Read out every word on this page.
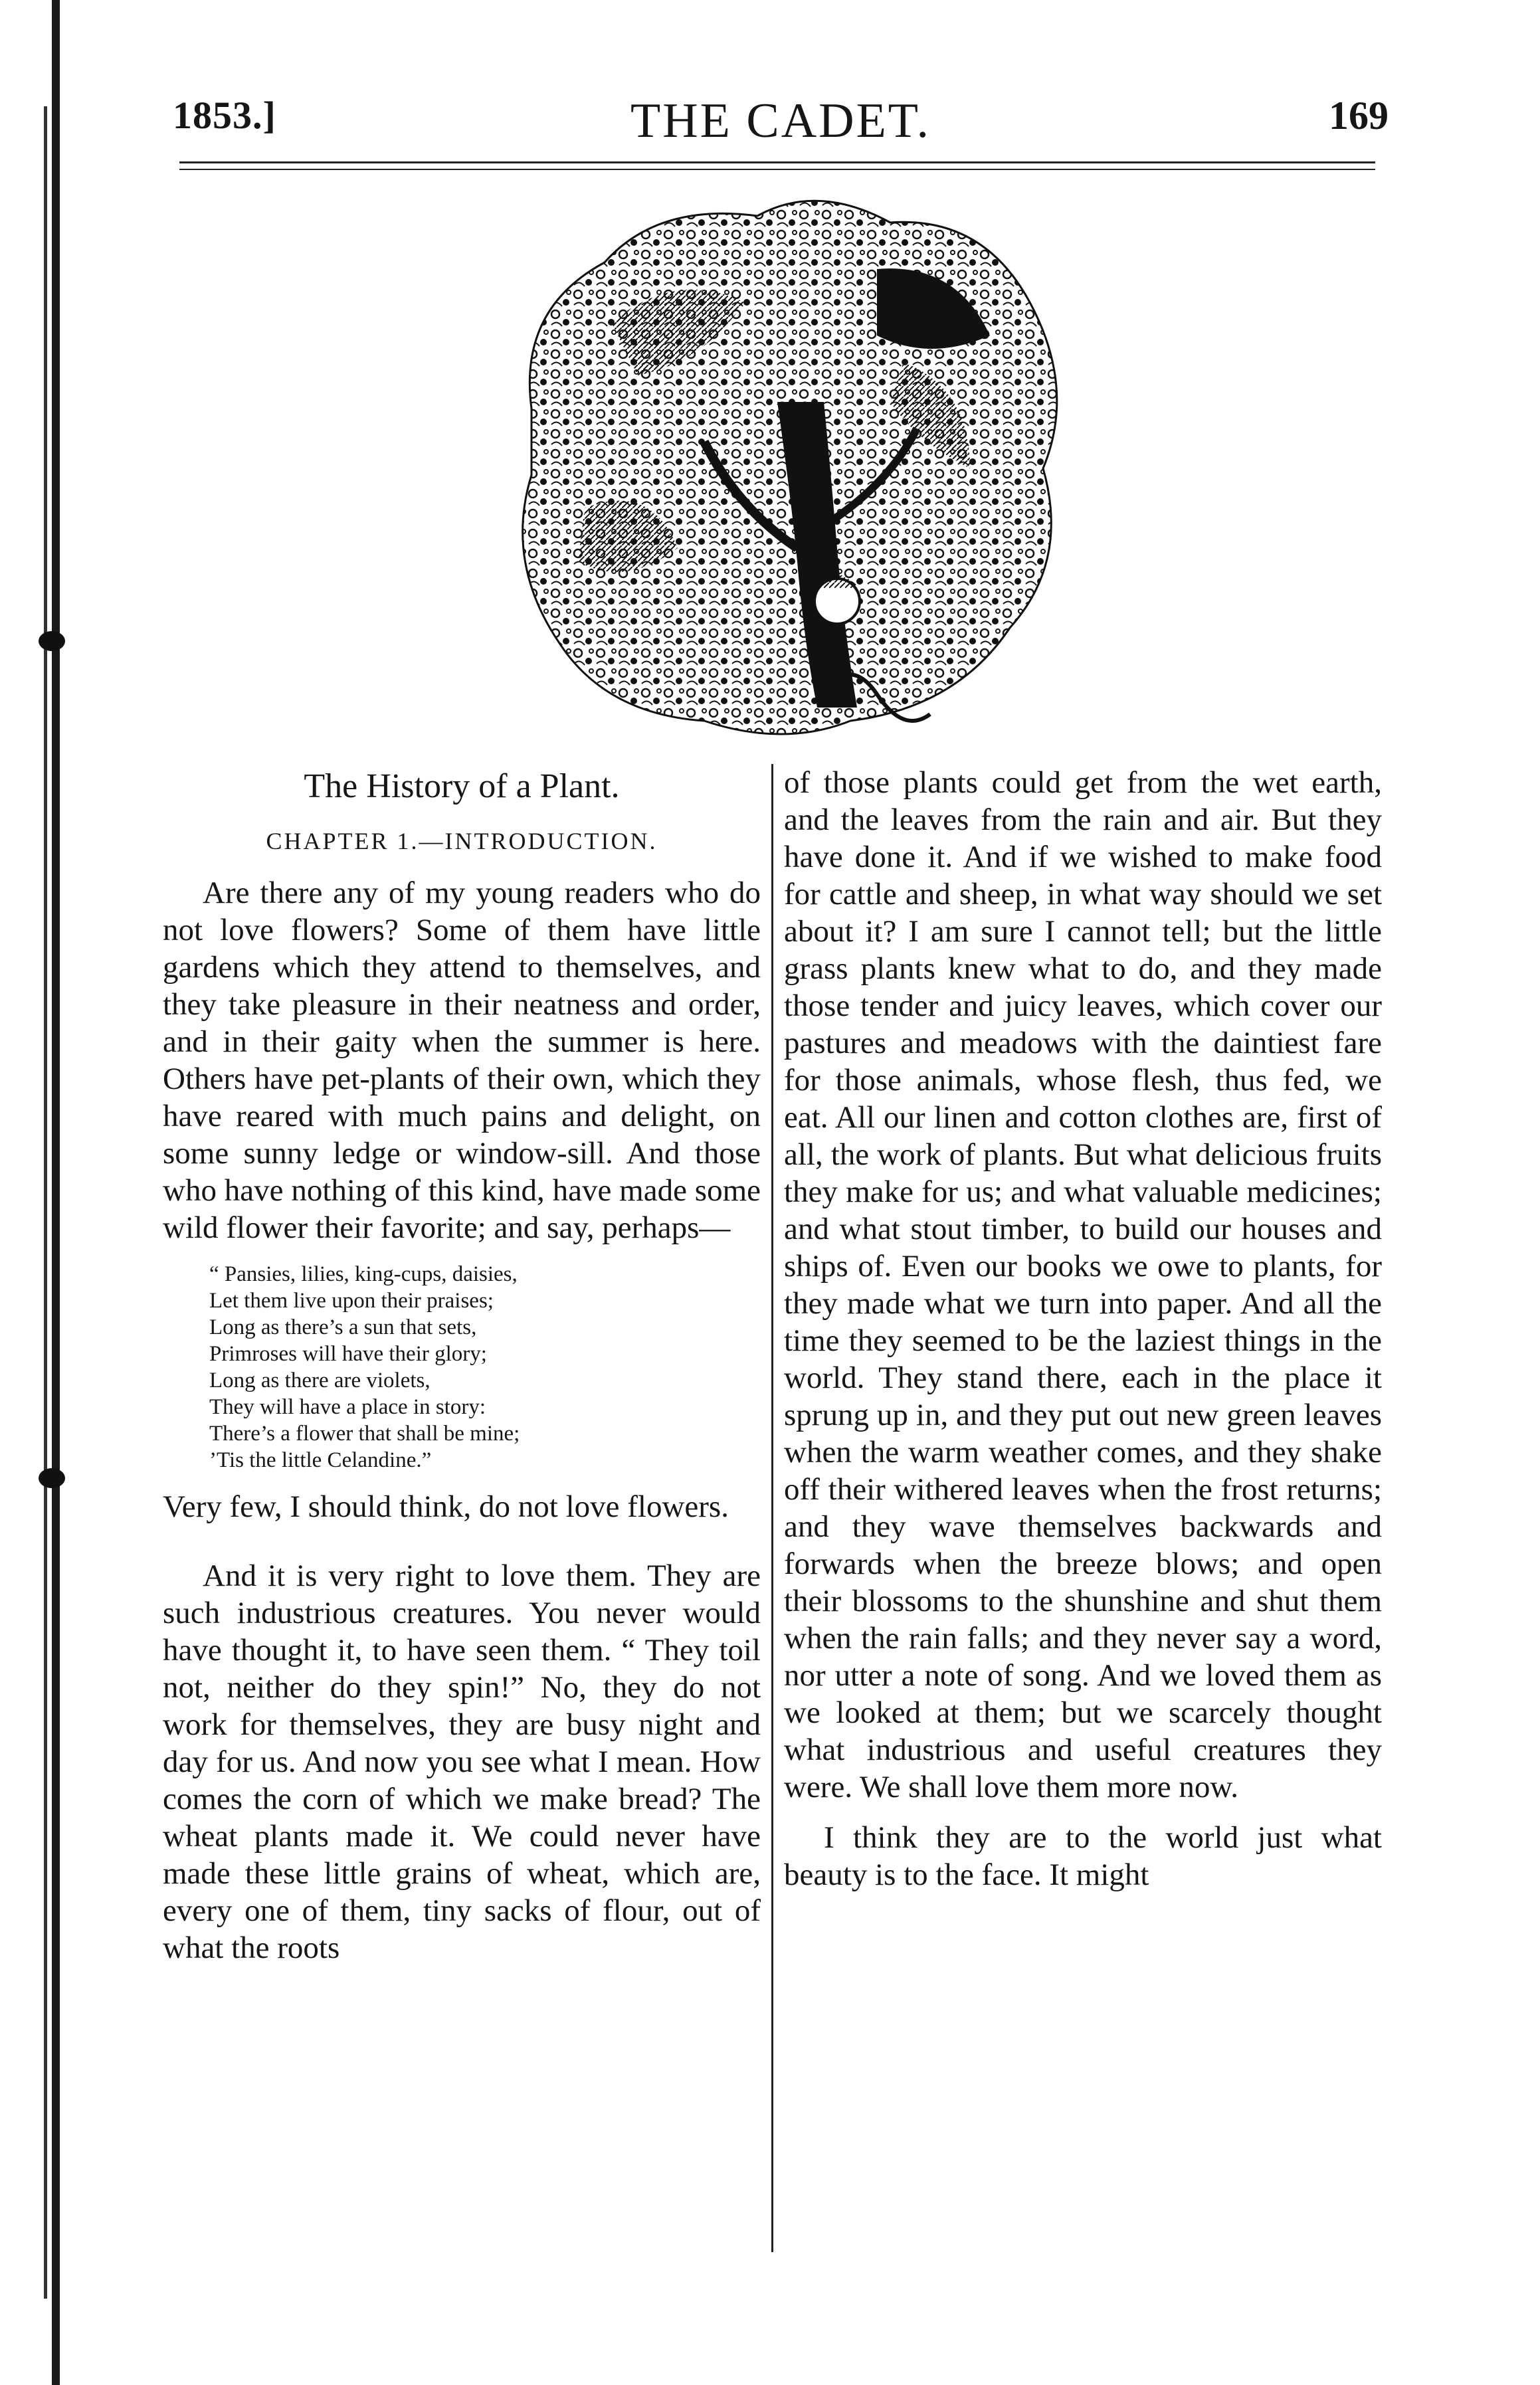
1853.]	THE CADET.	169
The History of a Plant.
CHAPTER 1.—INTRODUCTION.

Are there any of my young readers who do not love flowers? Some of them have little gardens which they attend to themselves, and they take pleasure in their neatness and order, and in their gaity when the summer is here. Others have pet-plants of their own, which they have reared with much pains and delight, on some sunny ledge or window-sill. And those who have nothing of this kind, have made some wild flower their favorite; and say, perhaps—

“ Pansies, lilies, king-cups, daisies,
Let them live upon their praises;
Long as there’s a sun that sets,
Primroses will have their glory;
Long as there are violets,
They will have a place in story:
There’s a flower that shall be mine;
’Tis the little Celandine.”

Very few, I should think, do not love flowers.

And it is very right to love them. They are such industrious creatures. You never would have thought it, to have seen them. “ They toil not, neither do they spin!” No, they do not work for themselves, they are busy night and day for us. And now you see what I mean. How comes the corn of which we make bread? The wheat plants made it. We could never have made these little grains of wheat, which are, every one of them, tiny sacks of flour, out of what the roots

of those plants could get from the wet earth, and the leaves from the rain and air. But they have done it. And if we wished to make food for cattle and sheep, in what way should we set about it? I am sure I cannot tell; but the little grass plants knew what to do, and they made those tender and juicy leaves, which cover our pastures and meadows with the daintiest fare for those animals, whose flesh, thus fed, we eat. All our linen and cotton clothes are, first of all, the work of plants. But what delicious fruits they make for us; and what valuable medicines; and what stout timber, to build our houses and ships of. Even our books we owe to plants, for they made what we turn into paper. And all the time they seemed to be the laziest things in the world. They stand there, each in the place it sprung up in, and they put out new green leaves when the warm weather comes, and they shake off their withered leaves when the frost returns; and they wave themselves backwards and forwards when the breeze blows; and open their blossoms to the shunshine and shut them when the rain falls; and they never say a word, nor utter a note of song. And we loved them as we looked at them; but we scarcely thought what industrious and useful creatures they were. We shall love them more now.

I think they are to the world just what beauty is to the face. It might
